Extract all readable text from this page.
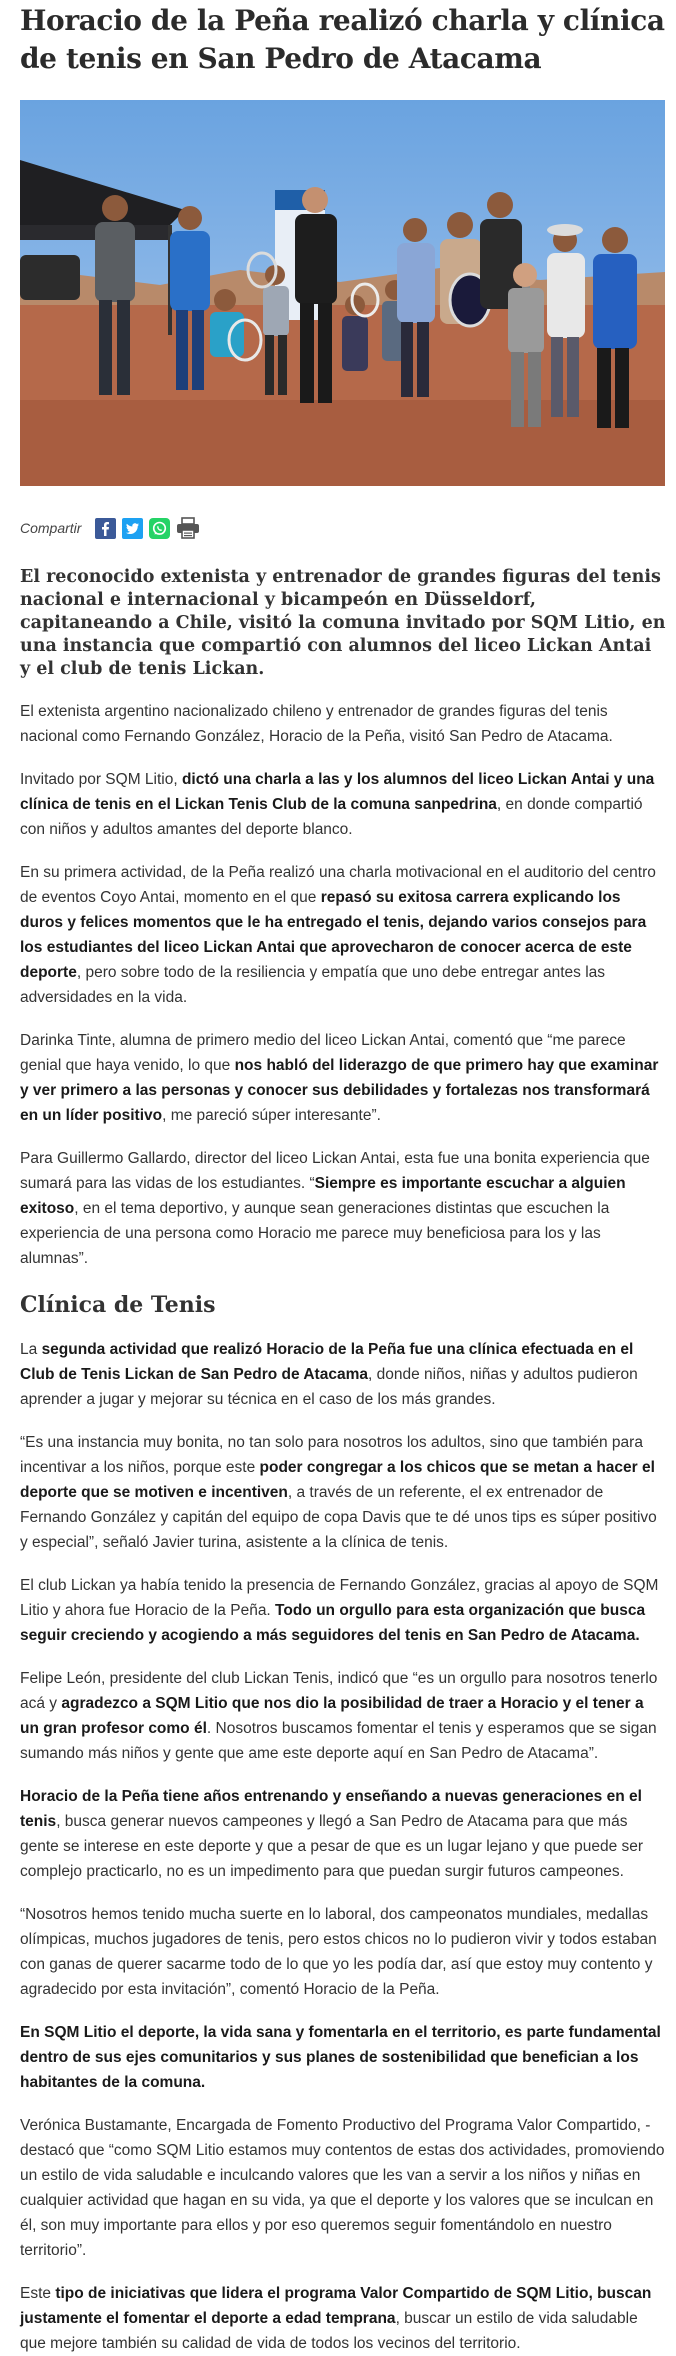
Horacio de la Peña realizó charla y clínica de tenis en San Pedro de Atacama
Compartir

El reconocido extenista y entrenador de grandes figuras del tenis nacional e internacional y bicampeón en Düsseldorf, capitaneando a Chile, visitó la comuna invitado por SQM Litio, en una instancia que compartió con alumnos del liceo Lickan Antai y el club de tenis Lickan.

El extenista argentino nacionalizado chileno y entrenador de grandes figuras del tenis nacional como Fernando González, Horacio de la Peña, visitó San Pedro de Atacama.

Invitado por SQM Litio, dictó una charla a las y los alumnos del liceo Lickan Antai y una clínica de tenis en el Lickan Tenis Club de la comuna sanpedrina, en donde compartió con niños y adultos amantes del deporte blanco.

En su primera actividad, de la Peña realizó una charla motivacional en el auditorio del centro de eventos Coyo Antai, momento en el que repasó su exitosa carrera explicando los duros y felices momentos que le ha entregado el tenis, dejando varios consejos para los estudiantes del liceo Lickan Antai que aprovecharon de conocer acerca de este deporte, pero sobre todo de la resiliencia y empatía que uno debe entregar antes las adversidades en la vida.

Darinka Tinte, alumna de primero medio del liceo Lickan Antai, comentó que “me parece genial que haya venido, lo que nos habló del liderazgo de que primero hay que examinar y ver primero a las personas y conocer sus debilidades y fortalezas nos transformará en un líder positivo, me pareció súper interesante”.

Para Guillermo Gallardo, director del liceo Lickan Antai, esta fue una bonita experiencia que sumará para las vidas de los estudiantes. “Siempre es importante escuchar a alguien exitoso, en el tema deportivo, y aunque sean generaciones distintas que escuchen la experiencia de una persona como Horacio me parece muy beneficiosa para los y las alumnas”.

Clínica de Tenis

La segunda actividad que realizó Horacio de la Peña fue una clínica efectuada en el Club de Tenis Lickan de San Pedro de Atacama, donde niños, niñas y adultos pudieron aprender a jugar y mejorar su técnica en el caso de los más grandes.

“Es una instancia muy bonita, no tan solo para nosotros los adultos, sino que también para incentivar a los niños, porque este poder congregar a los chicos que se metan a hacer el deporte que se motiven e incentiven, a través de un referente, el ex entrenador de Fernando González y capitán del equipo de copa Davis que te dé unos tips es súper positivo y especial”, señaló Javier turina, asistente a la clínica de tenis.

El club Lickan ya había tenido la presencia de Fernando González, gracias al apoyo de SQM Litio y ahora fue Horacio de la Peña. Todo un orgullo para esta organización que busca seguir creciendo y acogiendo a más seguidores del tenis en San Pedro de Atacama.

Felipe León, presidente del club Lickan Tenis, indicó que “es un orgullo para nosotros tenerlo acá y agradezco a SQM Litio que nos dio la posibilidad de traer a Horacio y el tener a un gran profesor como él. Nosotros buscamos fomentar el tenis y esperamos que se sigan sumando más niños y gente que ame este deporte aquí en San Pedro de Atacama”.

Horacio de la Peña tiene años entrenando y enseñando a nuevas generaciones en el tenis, busca generar nuevos campeones y llegó a San Pedro de Atacama para que más gente se interese en este deporte y que a pesar de que es un lugar lejano y que puede ser complejo practicarlo, no es un impedimento para que puedan surgir futuros campeones.

“Nosotros hemos tenido mucha suerte en lo laboral, dos campeonatos mundiales, medallas olímpicas, muchos jugadores de tenis, pero estos chicos no lo pudieron vivir y todos estaban con ganas de querer sacarme todo de lo que yo les podía dar, así que estoy muy contento y agradecido por esta invitación”, comentó Horacio de la Peña.

En SQM Litio el deporte, la vida sana y fomentarla en el territorio, es parte fundamental dentro de sus ejes comunitarios y sus planes de sostenibilidad que benefician a los habitantes de la comuna.

Verónica Bustamante, Encargada de Fomento Productivo del Programa Valor Compartido, -destacó que “como SQM Litio estamos muy contentos de estas dos actividades, promoviendo un estilo de vida saludable e inculcando valores que les van a servir a los niños y niñas en cualquier actividad que hagan en su vida, ya que el deporte y los valores que se inculcan en él, son muy importante para ellos y por eso queremos seguir fomentándolo en nuestro territorio”.

Este tipo de iniciativas que lidera el programa Valor Compartido de SQM Litio, buscan justamente el fomentar el deporte a edad temprana, buscar un estilo de vida saludable que mejore también su calidad de vida de todos los vecinos del territorio.
